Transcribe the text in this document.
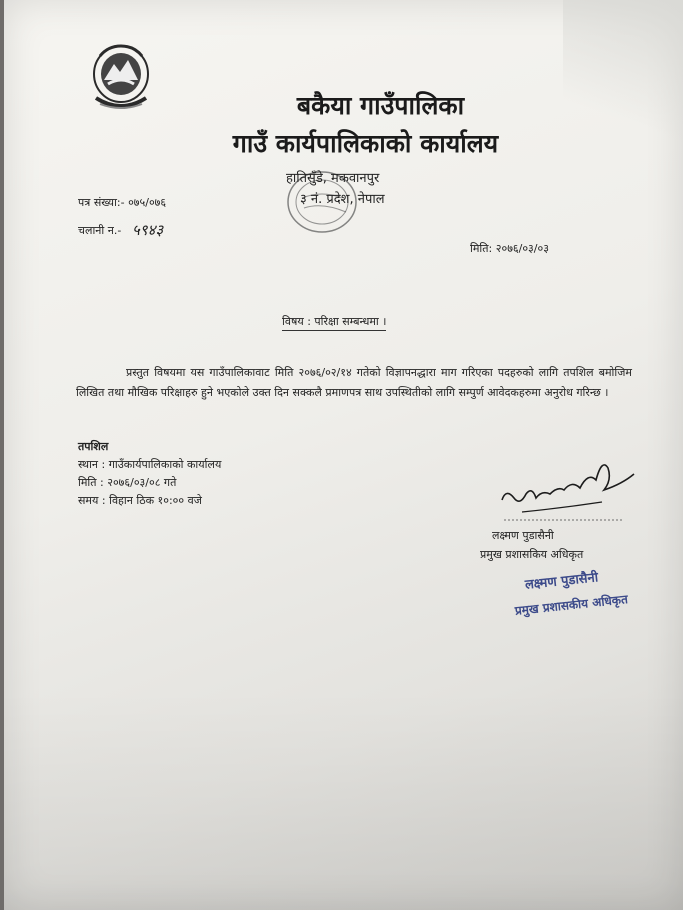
बकैया गाउँपालिका
गाउँ कार्यपालिकाको कार्यालय
हातिसुँडे, मकवानपुर
३ नं. प्रदेश, नेपाल
पत्र संख्या:- ०७५/०७६
चलानी न.- ५९४३
मिति: २०७६/०३/०३
विषय : परिक्षा सम्बन्धमा ।
प्रस्तुत विषयमा यस गाउँपालिकावाट मिति २०७६/०२/१४ गतेको विज्ञापनद्धारा माग गरिएका पदहरुको लागि तपशिल बमोजिम लिखित तथा मौखिक परिक्षाहरु हुने भएकोले उक्त दिन सक्कलै प्रमाणपत्र साथ उपस्थितीको लागि सम्पुर्ण आवेदकहरुमा अनुरोध गरिन्छ ।
तपशिल
स्थान : गाउँकार्यपालिकाको कार्यालय
मिति : २०७६/०३/०८ गते
समय : विहान ठिक १०:०० वजे
लक्ष्मण पुडासैनी
प्रमुख प्रशासकिय अधिकृत
लक्ष्मण पुडासैनी
प्रमुख प्रशासकीय अधिकृत
